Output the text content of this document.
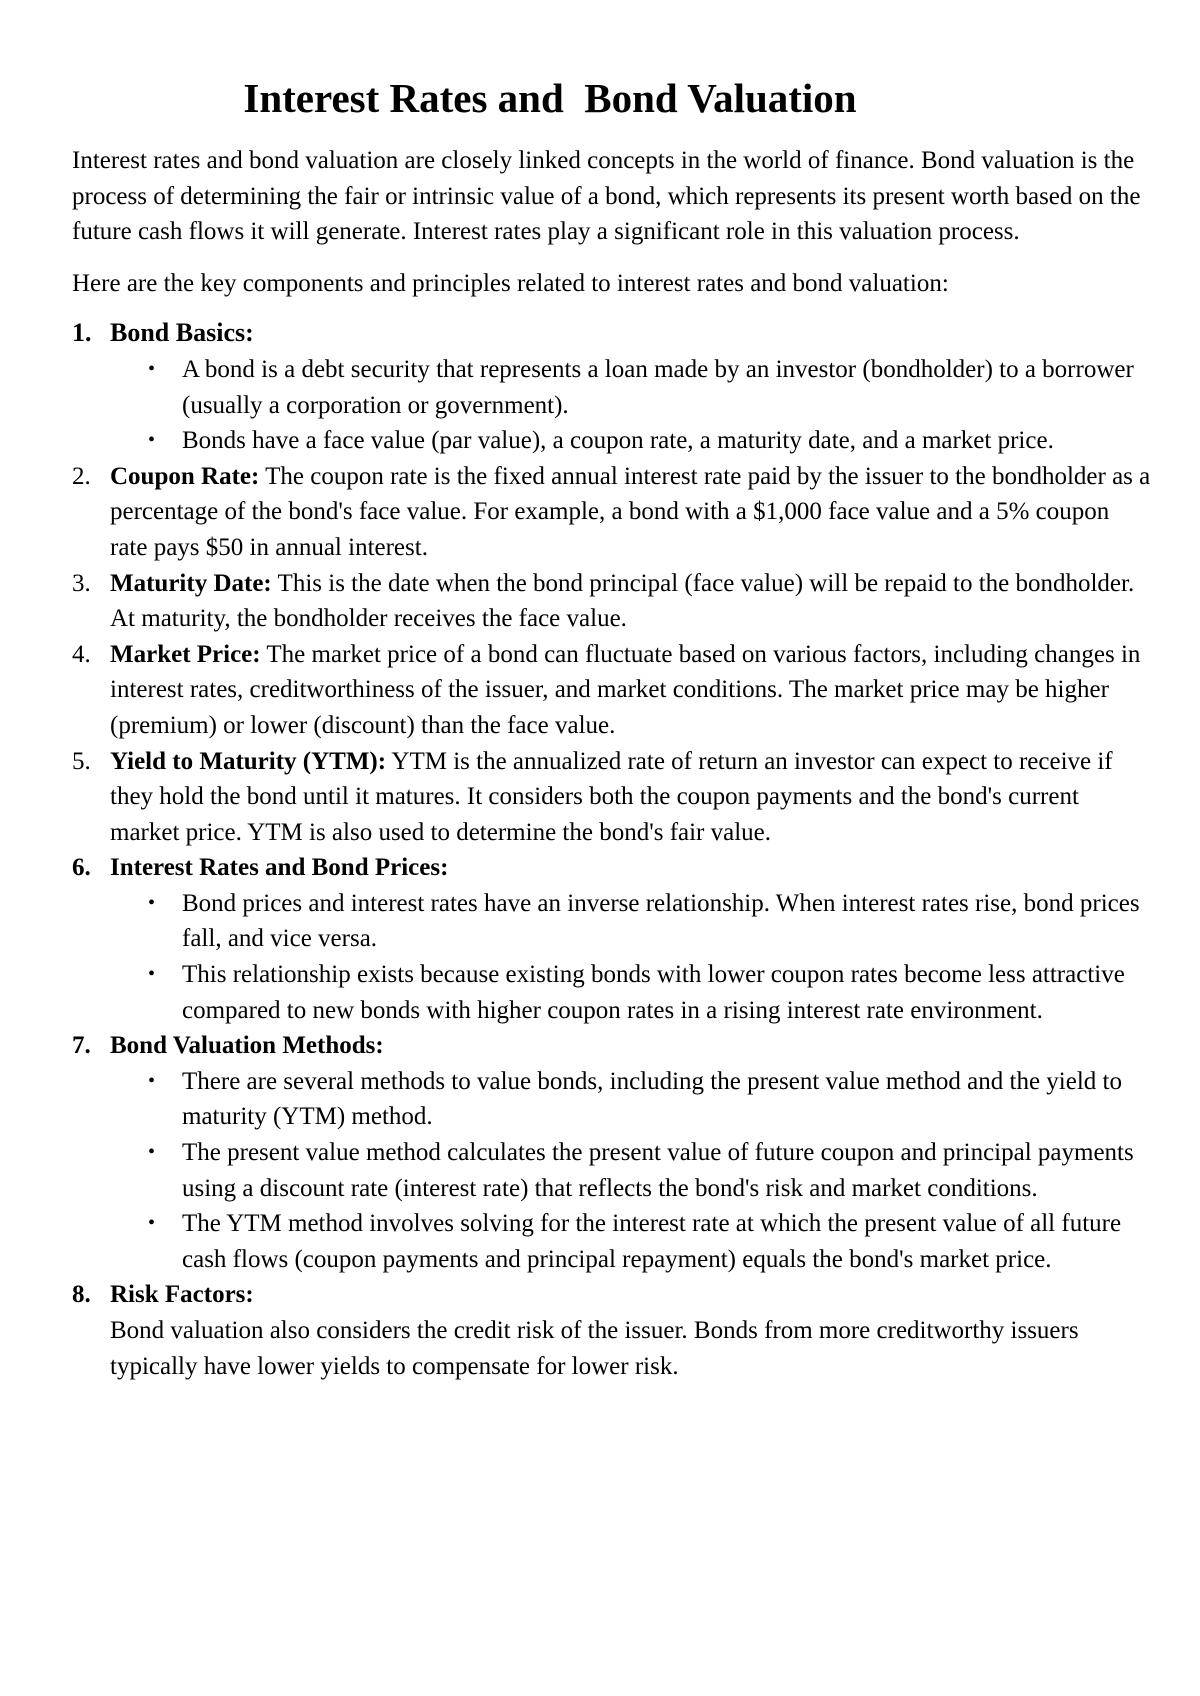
Interest Rates and  Bond Valuation

Interest rates and bond valuation are closely linked concepts in the world of finance. Bond valuation is the process of determining the fair or intrinsic value of a bond, which represents its present worth based on the future cash flows it will generate. Interest rates play a significant role in this valuation process.

Here are the key components and principles related to interest rates and bond valuation:

1. Bond Basics:
• A bond is a debt security that represents a loan made by an investor (bondholder) to a borrower (usually a corporation or government).
• Bonds have a face value (par value), a coupon rate, a maturity date, and a market price.
2. Coupon Rate: The coupon rate is the fixed annual interest rate paid by the issuer to the bondholder as a percentage of the bond's face value. For example, a bond with a $1,000 face value and a 5% coupon rate pays $50 in annual interest.
3. Maturity Date: This is the date when the bond principal (face value) will be repaid to the bondholder. At maturity, the bondholder receives the face value.
4. Market Price: The market price of a bond can fluctuate based on various factors, including changes in interest rates, creditworthiness of the issuer, and market conditions. The market price may be higher (premium) or lower (discount) than the face value.
5. Yield to Maturity (YTM): YTM is the annualized rate of return an investor can expect to receive if they hold the bond until it matures. It considers both the coupon payments and the bond's current market price. YTM is also used to determine the bond's fair value.
6. Interest Rates and Bond Prices:
• Bond prices and interest rates have an inverse relationship. When interest rates rise, bond prices fall, and vice versa.
• This relationship exists because existing bonds with lower coupon rates become less attractive compared to new bonds with higher coupon rates in a rising interest rate environment.
7. Bond Valuation Methods:
• There are several methods to value bonds, including the present value method and the yield to maturity (YTM) method.
• The present value method calculates the present value of future coupon and principal payments using a discount rate (interest rate) that reflects the bond's risk and market conditions.
• The YTM method involves solving for the interest rate at which the present value of all future cash flows (coupon payments and principal repayment) equals the bond's market price.
8. Risk Factors:
Bond valuation also considers the credit risk of the issuer. Bonds from more creditworthy issuers typically have lower yields to compensate for lower risk.
